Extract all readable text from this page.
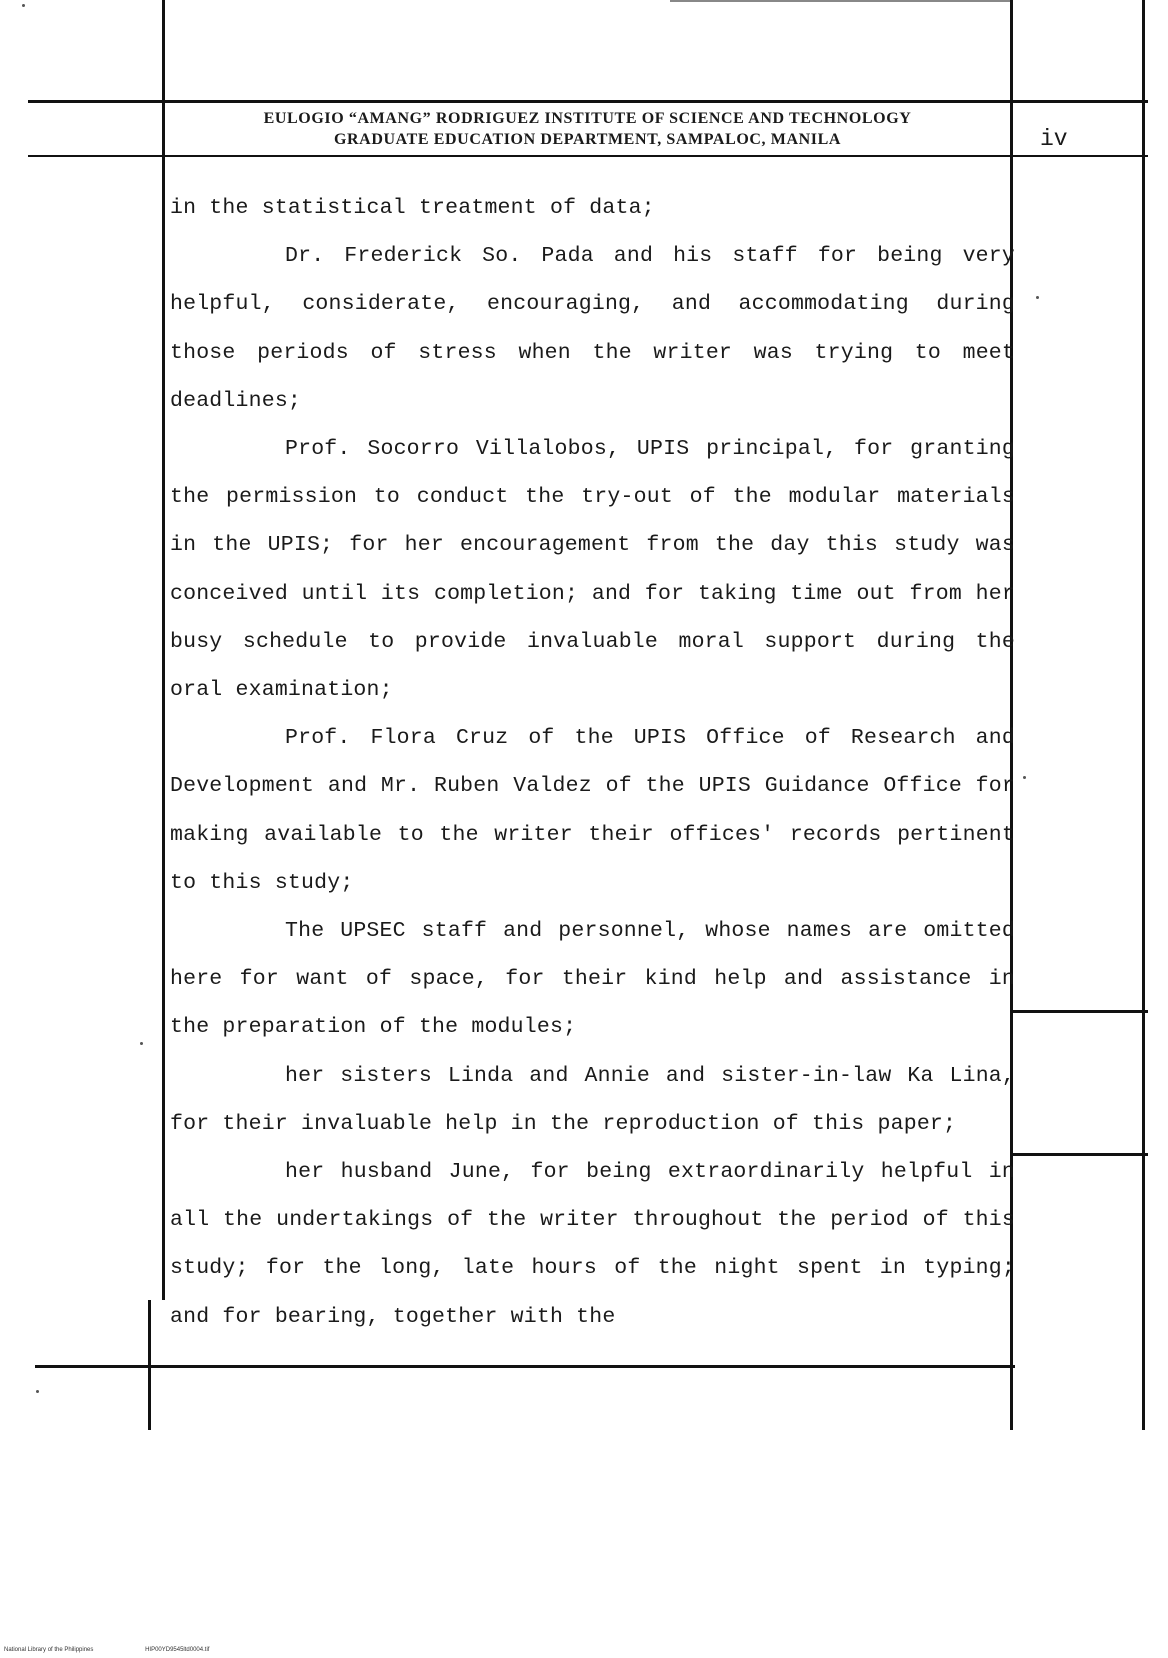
EULOGIO “AMANG” RODRIGUEZ INSTITUTE OF SCIENCE AND TECHNOLOGY
GRADUATE EDUCATION DEPARTMENT, SAMPALOC, MANILA	iv

in the statistical treatment of data;

Dr. Frederick So. Pada and his staff for being very helpful, considerate, encouraging, and accommodating during those periods of stress when the writer was trying to meet deadlines;

Prof. Socorro Villalobos, UPIS principal, for granting the permission to conduct the try-out of the modular materials in the UPIS; for her encouragement from the day this study was conceived until its completion; and for taking time out from her busy schedule to provide invaluable moral support during the oral examination;

Prof. Flora Cruz of the UPIS Office of Research and Development and Mr. Ruben Valdez of the UPIS Guidance Office for making available to the writer their offices' records pertinent to this study;

The UPSEC staff and personnel, whose names are omitted here for want of space, for their kind help and assistance in the preparation of the modules;

her sisters Linda and Annie and sister-in-law Ka Lina, for their invaluable help in the reproduction of this paper;

her husband June, for being extraordinarily helpful in all the undertakings of the writer throughout the period of this study; for the long, late hours of the night spent in typing; and for bearing, together with the

National Library of the Philippines	HIP00YD9545ltd0004.tif
